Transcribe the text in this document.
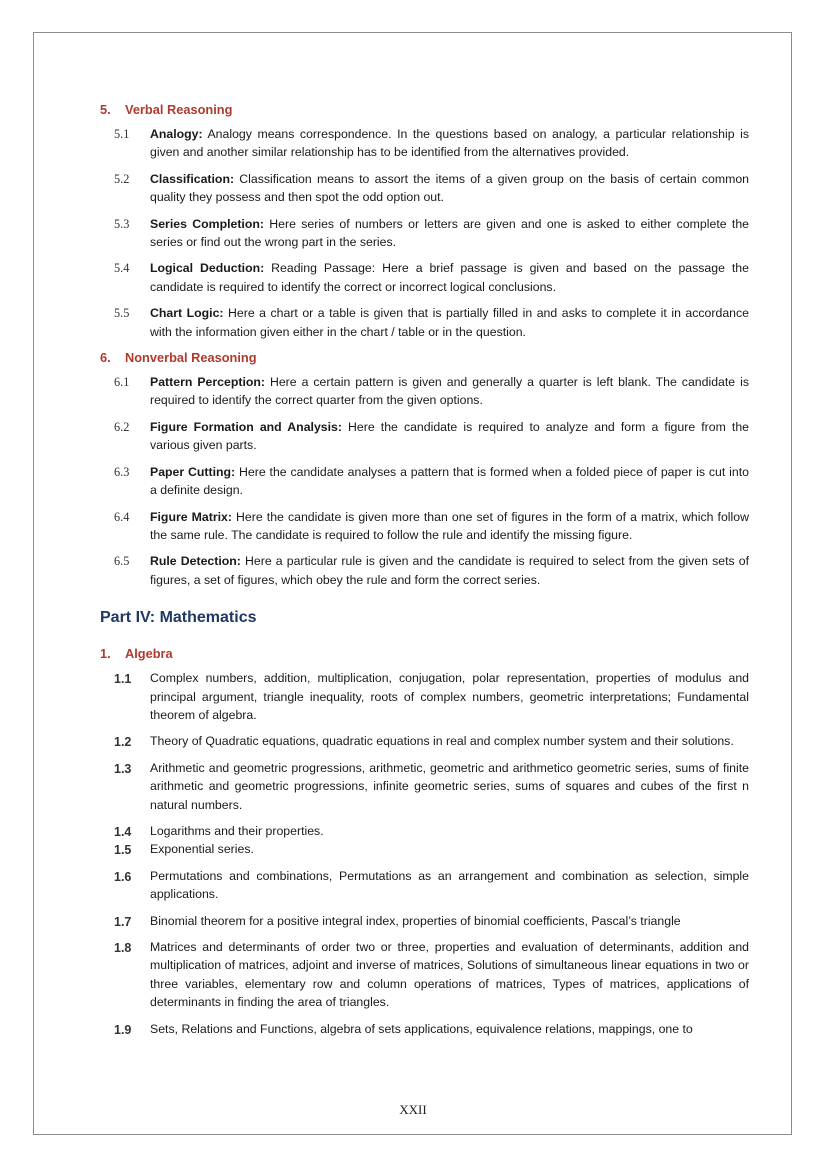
5. Verbal Reasoning
5.1 Analogy: Analogy means correspondence. In the questions based on analogy, a particular relationship is given and another similar relationship has to be identified from the alternatives provided.
5.2 Classification: Classification means to assort the items of a given group on the basis of certain common quality they possess and then spot the odd option out.
5.3 Series Completion: Here series of numbers or letters are given and one is asked to either complete the series or find out the wrong part in the series.
5.4 Logical Deduction: Reading Passage: Here a brief passage is given and based on the passage the candidate is required to identify the correct or incorrect logical conclusions.
5.5 Chart Logic: Here a chart or a table is given that is partially filled in and asks to complete it in accordance with the information given either in the chart / table or in the question.
6. Nonverbal Reasoning
6.1 Pattern Perception: Here a certain pattern is given and generally a quarter is left blank. The candidate is required to identify the correct quarter from the given options.
6.2 Figure Formation and Analysis: Here the candidate is required to analyze and form a figure from the various given parts.
6.3 Paper Cutting: Here the candidate analyses a pattern that is formed when a folded piece of paper is cut into a definite design.
6.4 Figure Matrix: Here the candidate is given more than one set of figures in the form of a matrix, which follow the same rule. The candidate is required to follow the rule and identify the missing figure.
6.5 Rule Detection: Here a particular rule is given and the candidate is required to select from the given sets of figures, a set of figures, which obey the rule and form the correct series.
Part IV: Mathematics
1. Algebra
1.1 Complex numbers, addition, multiplication, conjugation, polar representation, properties of modulus and principal argument, triangle inequality, roots of complex numbers, geometric interpretations; Fundamental theorem of algebra.
1.2 Theory of Quadratic equations, quadratic equations in real and complex number system and their solutions.
1.3 Arithmetic and geometric progressions, arithmetic, geometric and arithmetico geometric series, sums of finite arithmetic and geometric progressions, infinite geometric series, sums of squares and cubes of the first n natural numbers.
1.4 Logarithms and their properties.
1.5 Exponential series.
1.6 Permutations and combinations, Permutations as an arrangement and combination as selection, simple applications.
1.7 Binomial theorem for a positive integral index, properties of binomial coefficients, Pascal’s triangle
1.8 Matrices and determinants of order two or three, properties and evaluation of determinants, addition and multiplication of matrices, adjoint and inverse of matrices, Solutions of simultaneous linear equations in two or three variables, elementary row and column operations of matrices, Types of matrices, applications of determinants in finding the area of triangles.
1.9 Sets, Relations and Functions, algebra of sets applications, equivalence relations, mappings, one to
XXII
